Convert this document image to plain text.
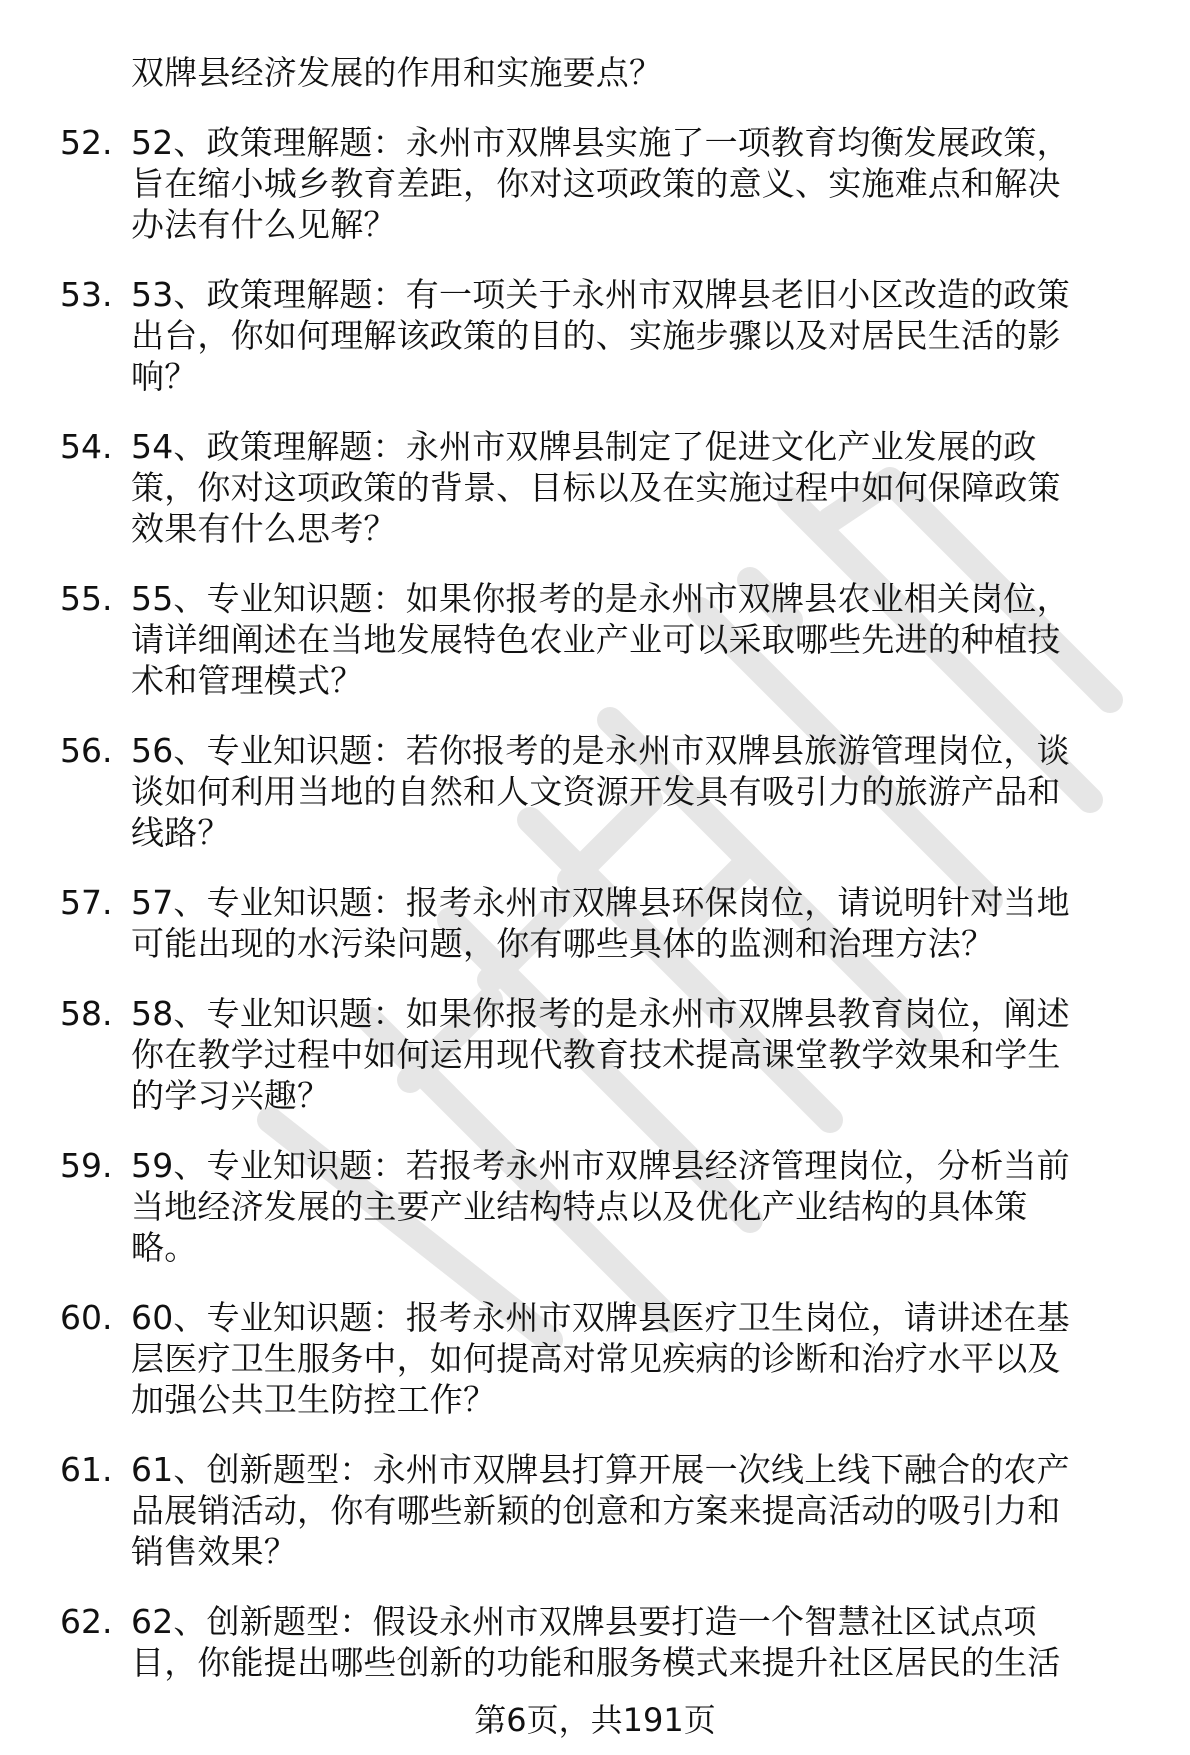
双牌县经济发展的作用和实施要点？
52. 52、政策理解题：永州市双牌县实施了一项教育均衡发展政策，
旨在缩小城乡教育差距，你对这项政策的意义、实施难点和解决
办法有什么见解？
53. 53、政策理解题：有一项关于永州市双牌县老旧小区改造的政策
出台，你如何理解该政策的目的、实施步骤以及对居民生活的影
响？
54. 54、政策理解题：永州市双牌县制定了促进文化产业发展的政
策，你对这项政策的背景、目标以及在实施过程中如何保障政策
效果有什么思考？
55. 55、专业知识题：如果你报考的是永州市双牌县农业相关岗位，
请详细阐述在当地发展特色农业产业可以采取哪些先进的种植技
术和管理模式？
56. 56、专业知识题：若你报考的是永州市双牌县旅游管理岗位，谈
谈如何利用当地的自然和人文资源开发具有吸引力的旅游产品和
线路？
57. 57、专业知识题：报考永州市双牌县环保岗位，请说明针对当地
可能出现的水污染问题，你有哪些具体的监测和治理方法？
58. 58、专业知识题：如果你报考的是永州市双牌县教育岗位，阐述
你在教学过程中如何运用现代教育技术提高课堂教学效果和学生
的学习兴趣？
59. 59、专业知识题：若报考永州市双牌县经济管理岗位，分析当前
当地经济发展的主要产业结构特点以及优化产业结构的具体策
略。
60. 60、专业知识题：报考永州市双牌县医疗卫生岗位，请讲述在基
层医疗卫生服务中，如何提高对常见疾病的诊断和治疗水平以及
加强公共卫生防控工作？
61. 61、创新题型：永州市双牌县打算开展一次线上线下融合的农产
品展销活动，你有哪些新颖的创意和方案来提高活动的吸引力和
销售效果？
62. 62、创新题型：假设永州市双牌县要打造一个智慧社区试点项
目，你能提出哪些创新的功能和服务模式来提升社区居民的生活
第6页，共191页
